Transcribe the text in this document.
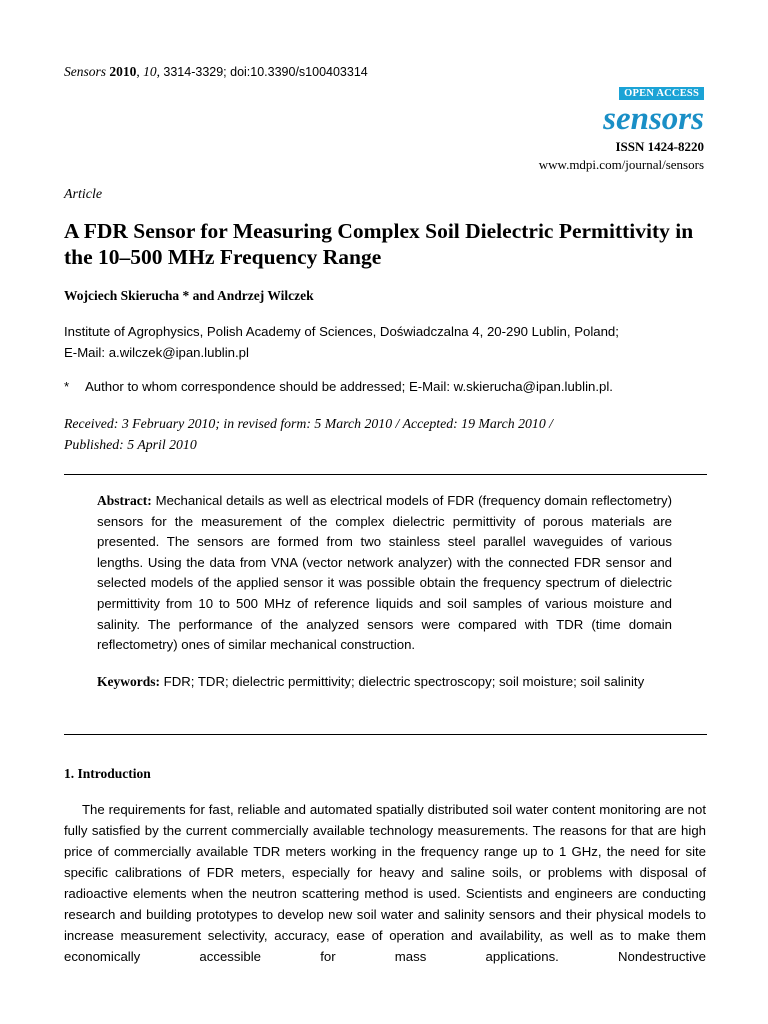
Sensors 2010, 10, 3314-3329; doi:10.3390/s100403314
OPEN ACCESS
sensors
ISSN 1424-8220
www.mdpi.com/journal/sensors
Article
A FDR Sensor for Measuring Complex Soil Dielectric Permittivity in the 10–500 MHz Frequency Range
Wojciech Skierucha * and Andrzej Wilczek
Institute of Agrophysics, Polish Academy of Sciences, Doświadczalna 4, 20-290 Lublin, Poland;
E-Mail: a.wilczek@ipan.lublin.pl
* Author to whom correspondence should be addressed; E-Mail: w.skierucha@ipan.lublin.pl.
Received: 3 February 2010; in revised form: 5 March 2010 / Accepted: 19 March 2010 /
Published: 5 April 2010
Abstract: Mechanical details as well as electrical models of FDR (frequency domain reflectometry) sensors for the measurement of the complex dielectric permittivity of porous materials are presented. The sensors are formed from two stainless steel parallel waveguides of various lengths. Using the data from VNA (vector network analyzer) with the connected FDR sensor and selected models of the applied sensor it was possible obtain the frequency spectrum of dielectric permittivity from 10 to 500 MHz of reference liquids and soil samples of various moisture and salinity. The performance of the analyzed sensors were compared with TDR (time domain reflectometry) ones of similar mechanical construction.
Keywords: FDR; TDR; dielectric permittivity; dielectric spectroscopy; soil moisture; soil salinity
1. Introduction
The requirements for fast, reliable and automated spatially distributed soil water content monitoring are not fully satisfied by the current commercially available technology measurements. The reasons for that are high price of commercially available TDR meters working in the frequency range up to 1 GHz, the need for site specific calibrations of FDR meters, especially for heavy and saline soils, or problems with disposal of radioactive elements when the neutron scattering method is used. Scientists and engineers are conducting research and building prototypes to develop new soil water and salinity sensors and their physical models to increase measurement selectivity, accuracy, ease of operation and availability, as well as to make them economically accessible for mass applications. Nondestructive
